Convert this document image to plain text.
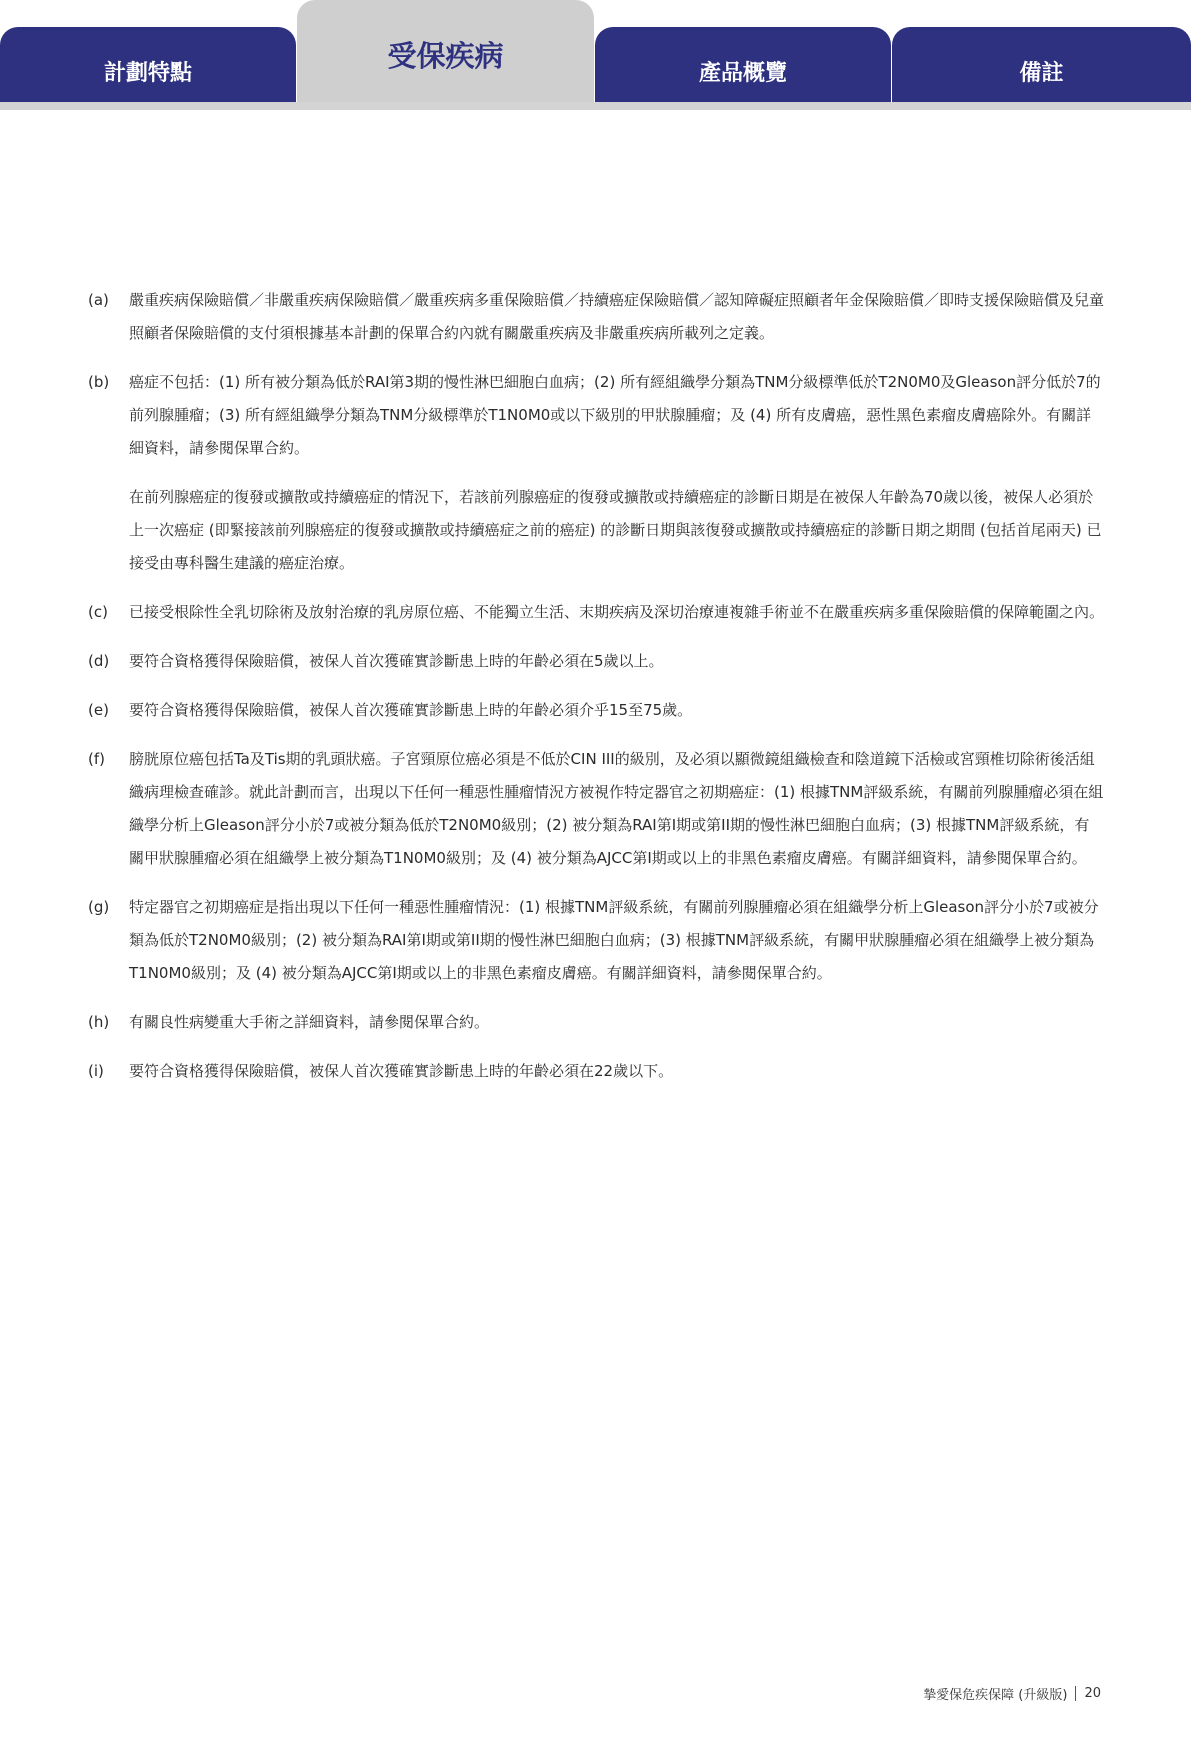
計劃特點
受保疾病
產品概覽	備註
(a)	嚴重疾病保險賠償／非嚴重疾病保險賠償／嚴重疾病多重保險賠償／持續癌症保險賠償／認知障礙症照顧者年金保險賠償／即時支援保險賠償及兒童照顧者保險賠償的支付須根據基本計劃的保單合約內就有關嚴重疾病及非嚴重疾病所載列之定義。

(b)	癌症不包括：(1) 所有被分類為低於RAI第3期的慢性淋巴細胞白血病；(2) 所有經組織學分類為TNM分級標準低於T2N0M0及Gleason評分低於7的前列腺腫瘤；(3) 所有經組織學分類為TNM分級標準於T1N0M0或以下級別的甲狀腺腫瘤；及 (4) 所有皮膚癌，惡性黑色素瘤皮膚癌除外。有關詳細資料，請參閱保單合約。

在前列腺癌症的復發或擴散或持續癌症的情況下，若該前列腺癌症的復發或擴散或持續癌症的診斷日期是在被保人年齡為70歲以後，被保人必須於上一次癌症 (即緊接該前列腺癌症的復發或擴散或持續癌症之前的癌症) 的診斷日期與該復發或擴散或持續癌症的診斷日期之期間 (包括首尾兩天) 已接受由專科醫生建議的癌症治療。

(c)	已接受根除性全乳切除術及放射治療的乳房原位癌、不能獨立生活、末期疾病及深切治療連複雜手術並不在嚴重疾病多重保險賠償的保障範圍之內。

(d)	要符合資格獲得保險賠償，被保人首次獲確實診斷患上時的年齡必須在5歲以上。

(e)	要符合資格獲得保險賠償，被保人首次獲確實診斷患上時的年齡必須介乎15至75歲。

(f)	膀胱原位癌包括Ta及Tis期的乳頭狀癌。子宮頸原位癌必須是不低於CIN III的級別，及必須以顯微鏡組織檢查和陰道鏡下活檢或宮頸椎切除術後活組織病理檢查確診。就此計劃而言，出現以下任何一種惡性腫瘤情況方被視作特定器官之初期癌症：(1) 根據TNM評級系統，有關前列腺腫瘤必須在組織學分析上Gleason評分小於7或被分類為低於T2N0M0級別；(2) 被分類為RAI第I期或第II期的慢性淋巴細胞白血病；(3) 根據TNM評級系統，有關甲狀腺腫瘤必須在組織學上被分類為T1N0M0級別；及 (4) 被分類為AJCC第I期或以上的非黑色素瘤皮膚癌。有關詳細資料，請參閱保單合約。

(g)	特定器官之初期癌症是指出現以下任何一種惡性腫瘤情況：(1) 根據TNM評級系統，有關前列腺腫瘤必須在組織學分析上Gleason評分小於7或被分類為低於T2N0M0級別；(2) 被分類為RAI第I期或第II期的慢性淋巴細胞白血病；(3) 根據TNM評級系統，有關甲狀腺腫瘤必須在組織學上被分類為T1N0M0級別；及 (4) 被分類為AJCC第I期或以上的非黑色素瘤皮膚癌。有關詳細資料，請參閱保單合約。

(h)	有關良性病變重大手術之詳細資料，請參閱保單合約。

(i)	要符合資格獲得保險賠償，被保人首次獲確實診斷患上時的年齡必須在22歲以下。

摯愛保危疾保障 (升級版) 20
